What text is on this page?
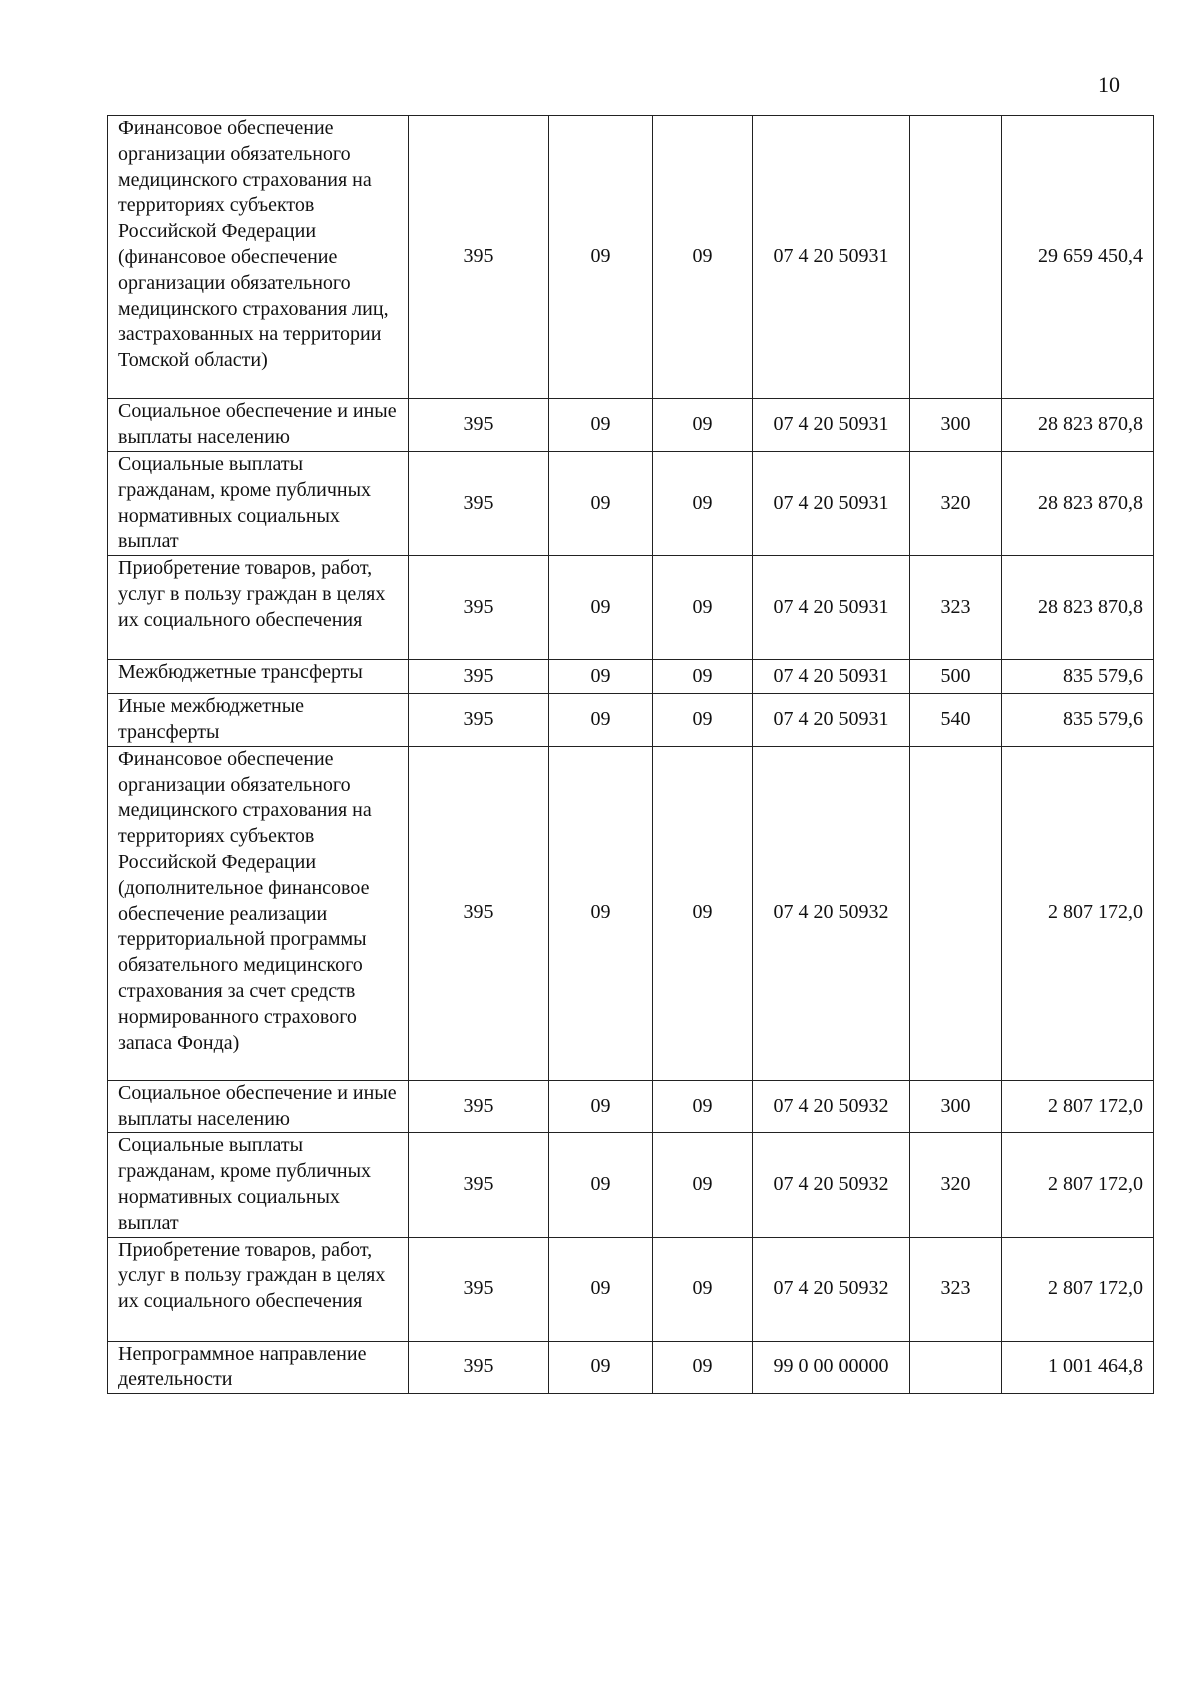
10
Финансовое обеспечение организации обязательного медицинского страхования на территориях субъектов Российской Федерации (финансовое обеспечение организации обязательного медицинского страхования лиц, застрахованных на территории Томской области)	395	09	09	07 4 20 50931		29 659 450,4

Социальное обеспечение и иные выплаты населению	395	09	09	07 4 20 50931	300	28 823 870,8

Социальные выплаты гражданам, кроме публичных нормативных социальных выплат	395	09	09	07 4 20 50931	320	28 823 870,8

Приобретение товаров, работ, услуг в пользу граждан в целях их социального обеспечения	395	09	09	07 4 20 50931	323	28 823 870,8

Межбюджетные трансферты	395	09	09	07 4 20 50931	500	835 579,6

Иные межбюджетные трансферты	395	09	09	07 4 20 50931	540	835 579,6

Финансовое обеспечение организации обязательного медицинского страхования на территориях субъектов Российской Федерации (дополнительное финансовое обеспечение реализации территориальной программы обязательного медицинского страхования за счет средств нормированного страхового запаса Фонда)	395	09	09	07 4 20 50932		2 807 172,0

Социальное обеспечение и иные выплаты населению	395	09	09	07 4 20 50932	300	2 807 172,0

Социальные выплаты гражданам, кроме публичных нормативных социальных выплат	395	09	09	07 4 20 50932	320	2 807 172,0

Приобретение товаров, работ, услуг в пользу граждан в целях их социального обеспечения	395	09	09	07 4 20 50932	323	2 807 172,0

Непрограммное направление деятельности	395	09	09	99 0 00 00000		1 001 464,8
